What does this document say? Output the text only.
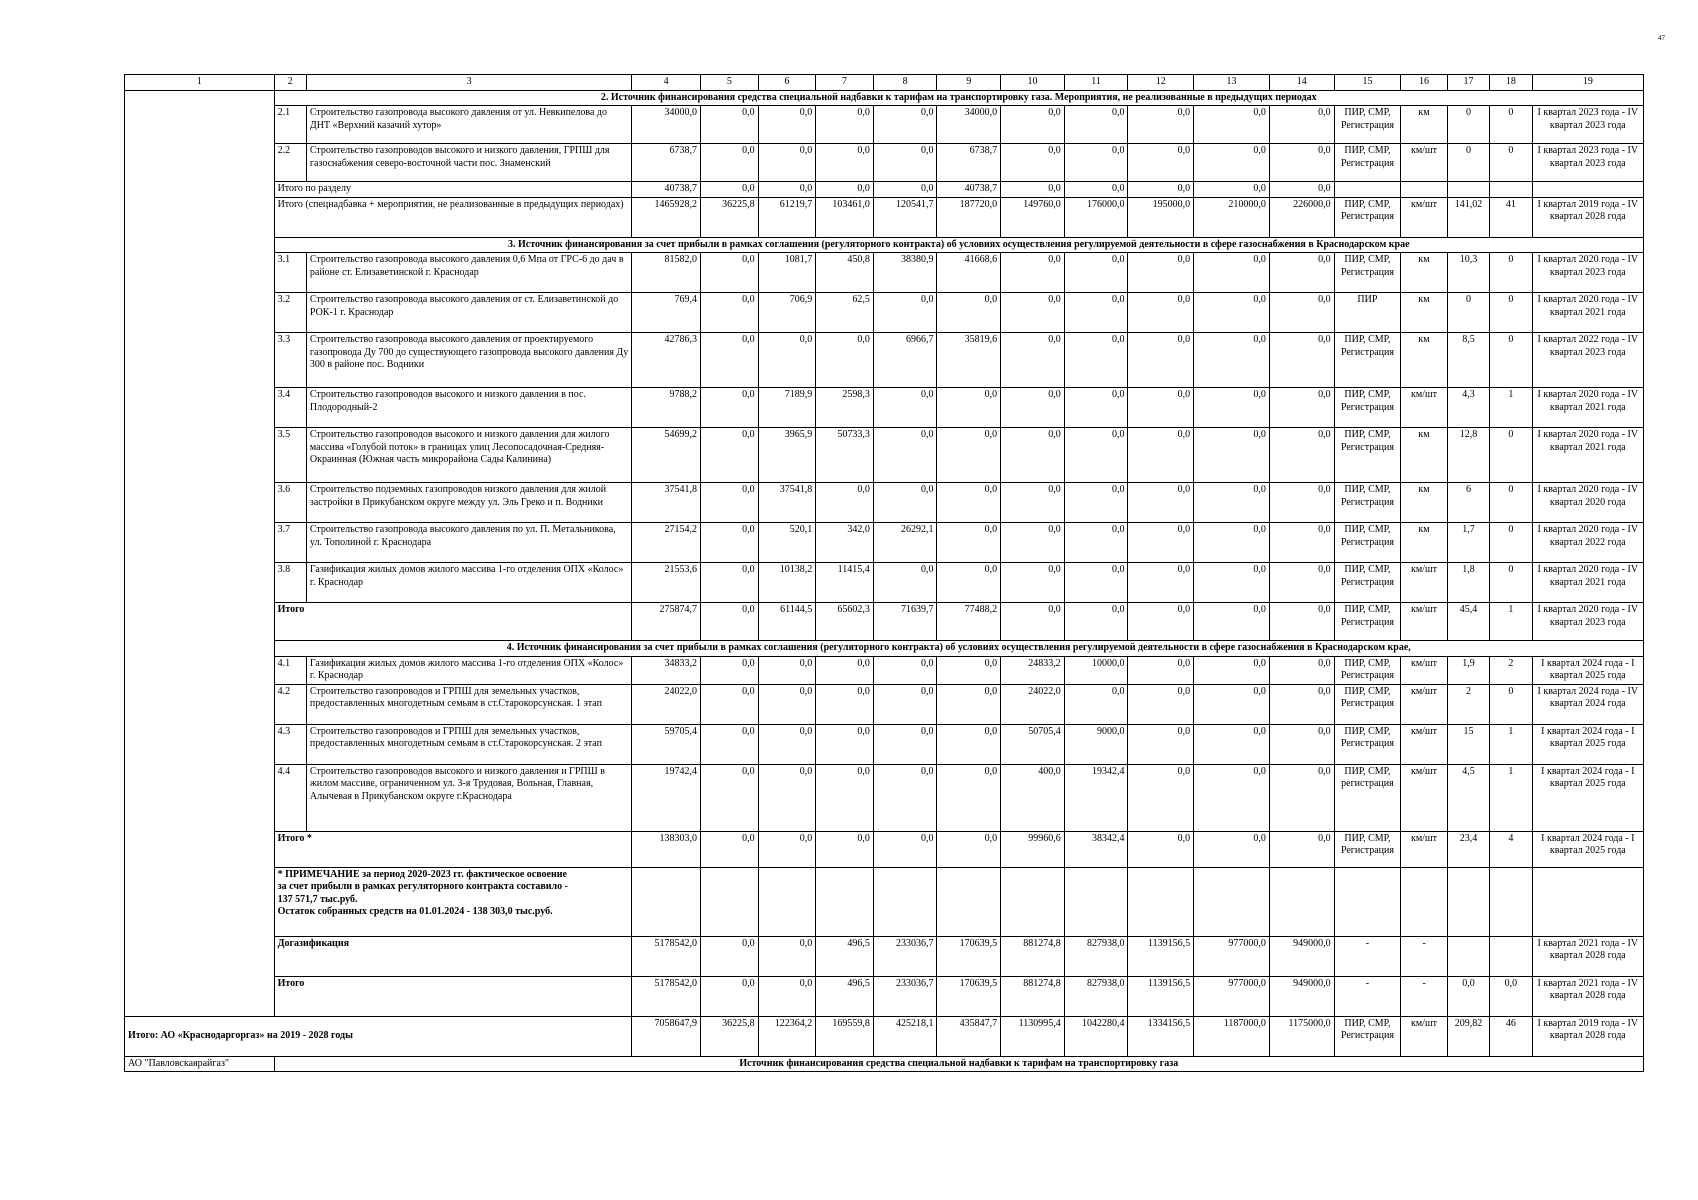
47
1	2	3	4	5	6	7	8	9	10	11	12	13	14	15	16	17	18	19
	2. Источник финансирования средства специальной надбавки к тарифам на транспортировку газа. Мероприятия, не реализованные в предыдущих периодах																	
	2.1	Строительство газопровода высокого давления от ул. Невкипелова до ДНТ «Верхний казачий хутор»	34000,0	0,0	0,0	0,0	0,0	34000,0	0,0	0,0	0,0	0,0	0,0	ПИР, СМР, Регистрация	км	0	0	I квартал 2023 года - IV квартал 2023 года
	2.2	Строительство газопроводов высокого и низкого давления, ГРПШ для газоснабжения северо-восточной части пос. Знаменский	6738,7	0,0	0,0	0,0	0,0	6738,7	0,0	0,0	0,0	0,0	0,0	ПИР, СМР, Регистрация	км/шт	0	0	I квартал 2023 года - IV квартал 2023 года
	Итого по разделу		40738,7	0,0	0,0	0,0	0,0	40738,7	0,0	0,0	0,0	0,0	0,0					
	Итого (спецнадбавка + мероприятия, не реализованные в предыдущих периодах)		1465928,2	36225,8	61219,7	103461,0	120541,7	187720,0	149760,0	176000,0	195000,0	210000,0	226000,0	ПИР, СМР, Регистрация	км/шт	141,02	41	I квартал 2019 года - IV квартал 2028 года
	3. Источник финансирования за счет прибыли в рамках соглашения (регуляторного контракта) об условиях осуществления регулируемой деятельности в сфере газоснабжения в Краснодарском крае																	
	3.1	Строительство газопровода высокого давления 0,6 Мпа от ГРС-6 до дач в районе ст. Елизаветинской г. Краснодар	81582,0	0,0	1081,7	450,8	38380,9	41668,6	0,0	0,0	0,0	0,0	0,0	ПИР, СМР, Регистрация	км	10,3	0	I квартал 2020 года - IV квартал 2023 года
	3.2	Строительство газопровода высокого давления от ст. Елизаветинской до РОК-1 г. Краснодар	769,4	0,0	706,9	62,5	0,0	0,0	0,0	0,0	0,0	0,0	0,0	ПИР	км	0	0	I квартал 2020 года - IV квартал 2021 года
	3.3	Строительство газопровода высокого давления от проектируемого газопровода Ду 700 до существующего газопровода высокого давления Ду 300 в районе пос. Водники	42786,3	0,0	0,0	0,0	6966,7	35819,6	0,0	0,0	0,0	0,0	0,0	ПИР, СМР, Регистрация	км	8,5	0	I квартал 2022 года - IV квартал 2023 года
	3.4	Строительство газопроводов высокого и низкого давления в пос. Плодородный-2	9788,2	0,0	7189,9	2598,3	0,0	0,0	0,0	0,0	0,0	0,0	0,0	ПИР, СМР, Регистрация	км/шт	4,3	1	I квартал 2020 года - IV квартал 2021 года
	3.5	Строительство газопроводов высокого и низкого давления для жилого массива «Голубой поток» в границах улиц Лесопосадочная-Средняя-Окраинная (Южная часть микрорайона Сады Калинина)	54699,2	0,0	3965,9	50733,3	0,0	0,0	0,0	0,0	0,0	0,0	0,0	ПИР, СМР, Регистрация	км	12,8	0	I квартал 2020 года - IV квартал 2021 года
	3.6	Строительство подземных газопроводов низкого давления для жилой застройки в Прикубанском округе между ул. Эль Греко и п. Водники	37541,8	0,0	37541,8	0,0	0,0	0,0	0,0	0,0	0,0	0,0	0,0	ПИР, СМР, Регистрация	км	6	0	I квартал 2020 года - IV квартал 2020 года
	3.7	Строительство газопровода высокого давления по ул. П. Метальникова, ул. Тополиной г. Краснодара	27154,2	0,0	520,1	342,0	26292,1	0,0	0,0	0,0	0,0	0,0	0,0	ПИР, СМР, Регистрация	км	1,7	0	I квартал 2020 года - IV квартал 2022 года
	3.8	Газификация жилых домов жилого массива 1-го отделения ОПХ «Колос» г. Краснодар	21553,6	0,0	10138,2	11415,4	0,0	0,0	0,0	0,0	0,0	0,0	0,0	ПИР, СМР, Регистрация	км/шт	1,8	0	I квартал 2020 года - IV квартал 2021 года
	Итого		275874,7	0,0	61144,5	65602,3	71639,7	77488,2	0,0	0,0	0,0	0,0	0,0	ПИР, СМР, Регистрация	км/шт	45,4	1	I квартал 2020 года - IV квартал 2023 года
	4. Источник финансирования за счет прибыли в рамках соглашения (регуляторного контракта) об условиях осуществления регулируемой деятельности в сфере газоснабжения в Краснодарском крае,																	
	4.1	Газификация жилых домов жилого массива 1-го отделения ОПХ «Колос» г. Краснодар	34833,2	0,0	0,0	0,0	0,0	0,0	24833,2	10000,0	0,0	0,0	0,0	ПИР, СМР, Регистрация	км/шт	1,9	2	I квартал 2024 года - I квартал 2025 года
	4.2	Строительство газопроводов и ГРПШ для земельных участков, предоставленных многодетным семьям в ст.Старокорсунская. 1 этап	24022,0	0,0	0,0	0,0	0,0	0,0	24022,0	0,0	0,0	0,0	0,0	ПИР, СМР, Регистрация	км/шт	2	0	I квартал 2024 года - IV квартал 2024 года
	4.3	Строительство газопроводов и ГРПШ для земельных участков, предоставленных многодетным семьям в ст.Старокорсунская. 2 этап	59705,4	0,0	0,0	0,0	0,0	0,0	50705,4	9000,0	0,0	0,0	0,0	ПИР, СМР, Регистрация	км/шт	15	1	I квартал 2024 года - I квартал 2025 года
	4.4	Строительство газопроводов высокого и низкого давления и ГРПШ в жилом массиве, ограниченном ул. 3-я Трудовая, Вольная, Главная, Алычевая в Прикубанском округе г.Краснодара	19742,4	0,0	0,0	0,0	0,0	0,0	400,0	19342,4	0,0	0,0	0,0	ПИР, СМР, регистрация	км/шт	4,5	1	I квартал 2024 года - I квартал 2025 года
	Итого *		138303,0	0,0	0,0	0,0	0,0	0,0	99960,6	38342,4	0,0	0,0	0,0	ПИР, СМР, Регистрация	км/шт	23,4	4	I квартал 2024 года - I квартал 2025 года

	* ПРИМЕЧАНИЕ за период 2020-2023 гг. фактическое освоение
за счет прибыли в рамках регуляторного контракта составило -
137 571,7 тыс.руб.
Остаток собранных средств на 01.01.2024 - 138 303,0 тыс.руб.																	

	Догазификация		5178542,0	0,0	0,0	496,5	233036,7	170639,5	881274,8	827938,0	1139156,5	977000,0	949000,0	-	-			I квартал 2021 года - IV квартал 2028 года
	Итого		5178542,0	0,0	0,0	496,5	233036,7	170639,5	881274,8	827938,0	1139156,5	977000,0	949000,0	-	-	0,0	0,0	I квартал 2021 года - IV квартал 2028 года
Итого: АО «Краснодаргоргаз» на 2019 - 2028 годы			7058647,9	36225,8	122364,2	169559,8	425218,1	435847,7	1130995,4	1042280,4	1334156,5	1187000,0	1175000,0	ПИР, СМР, Регистрация	км/шт	209,82	46	I квартал 2019 года - IV квартал 2028 года
АО "Павловскаярайгаз"	Источник финансирования средства специальной надбавки к тарифам на транспортировку газа																	
